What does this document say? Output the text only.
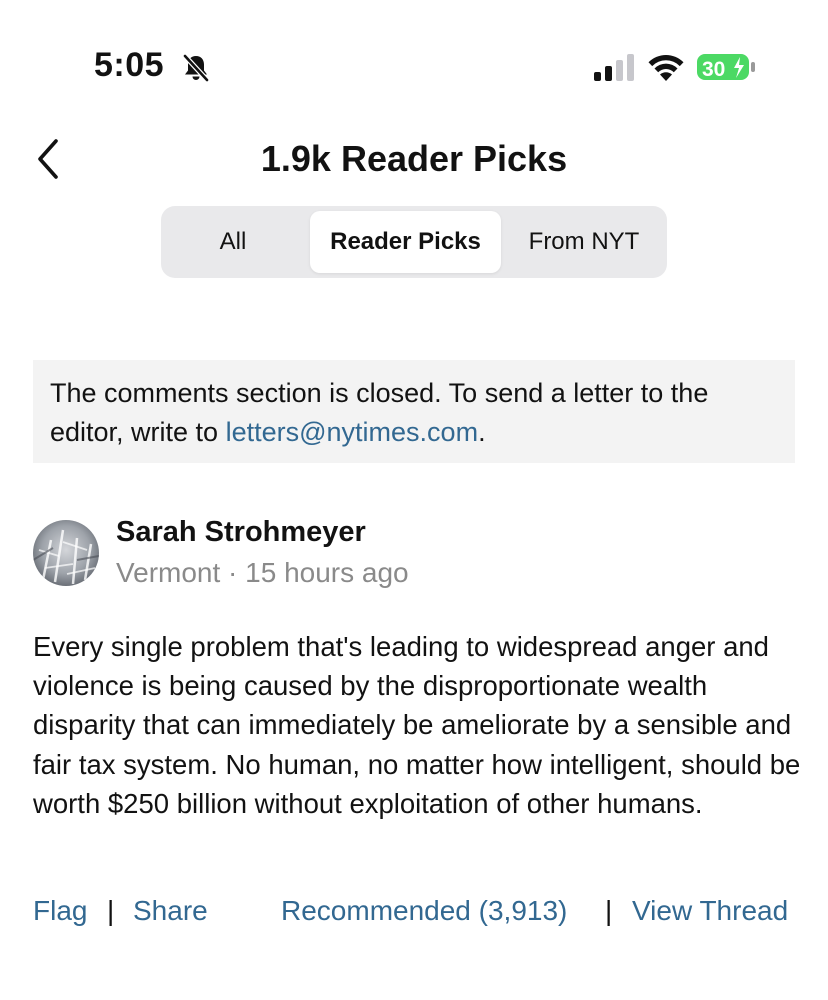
5:05	30
1.9k Reader Picks
All	Reader Picks	From NYT
The comments section is closed. To send a letter to the editor, write to letters@nytimes.com.
Sarah Strohmeyer
Vermont · 15 hours ago
Every single problem that's leading to widespread anger and violence is being caused by the disproportionate wealth disparity that can immediately be ameliorate by a sensible and fair tax system. No human, no matter how intelligent, should be worth $250 billion without exploitation of other humans.
Flag | Share	Recommended (3,913) | View Thread
